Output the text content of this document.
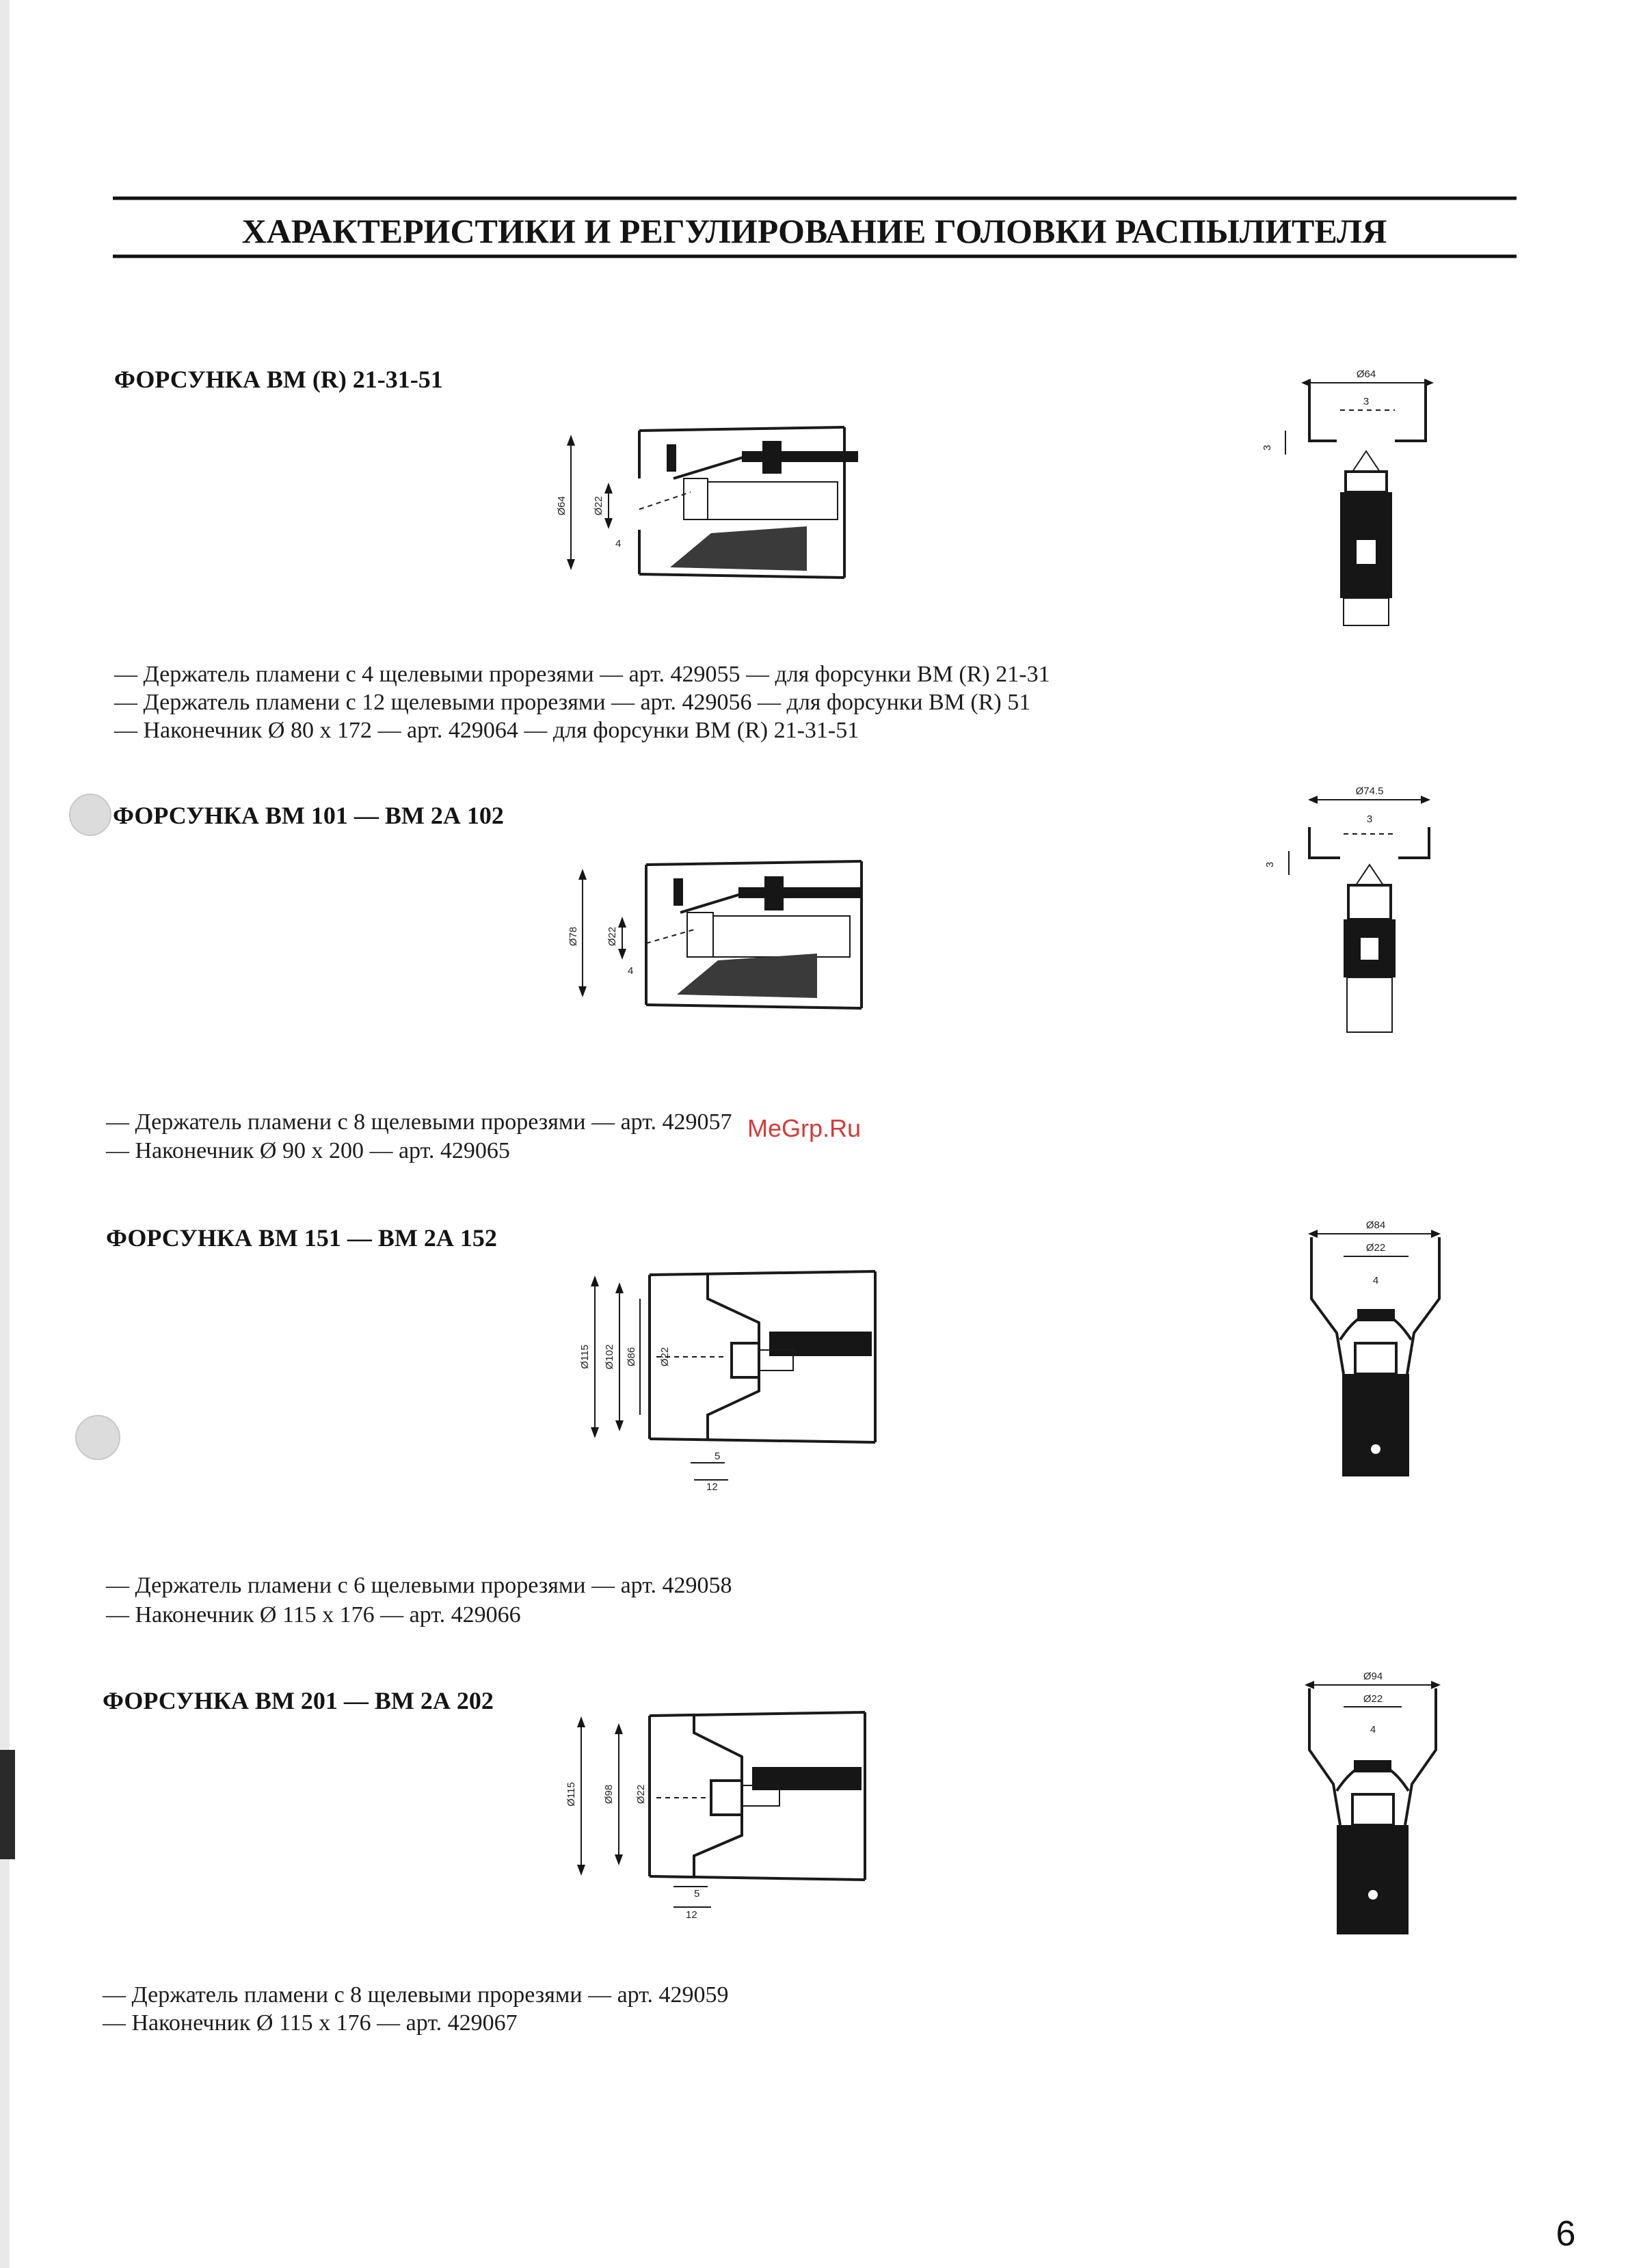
ХАРАКТЕРИСТИКИ И РЕГУЛИРОВАНИЕ ГОЛОВКИ РАСПЫЛИТЕЛЯ
ФОРСУНКА ВМ (R) 21-31-51
Ø64 Ø22
4
Ø64
3
3
— Держатель пламени с 4 щелевыми прорезями — арт. 429055 — для форсунки ВМ (R) 21-31
— Держатель пламени с 12 щелевыми прорезями — арт. 429056 — для форсунки ВМ (R) 51
— Наконечник Ø 80 x 172 — арт. 429064 — для форсунки ВМ (R) 21-31-51
ФОРСУНКА ВМ 101 — ВМ 2А 102
Ø78	Ø22
4
Ø74.5
3
3
— Держатель пламени с 8 щелевыми прорезями — арт. 429057
— Наконечник Ø 90 x 200 — арт. 429065
MeGrp.Ru
ФОРСУНКА ВМ 151 — ВМ 2А 152
Ø115 Ø102 Ø86 Ø22
5
12
Ø84
Ø22
4
— Держатель пламени с 6 щелевыми прорезями — арт. 429058
— Наконечник Ø 115 x 176 — арт. 429066
ФОРСУНКА ВМ 201 — ВМ 2А 202
Ø115	Ø98 Ø22
5
12
Ø94
Ø22
4
— Держатель пламени с 8 щелевыми прорезями — арт. 429059
— Наконечник Ø 115 x 176 — арт. 429067
6
